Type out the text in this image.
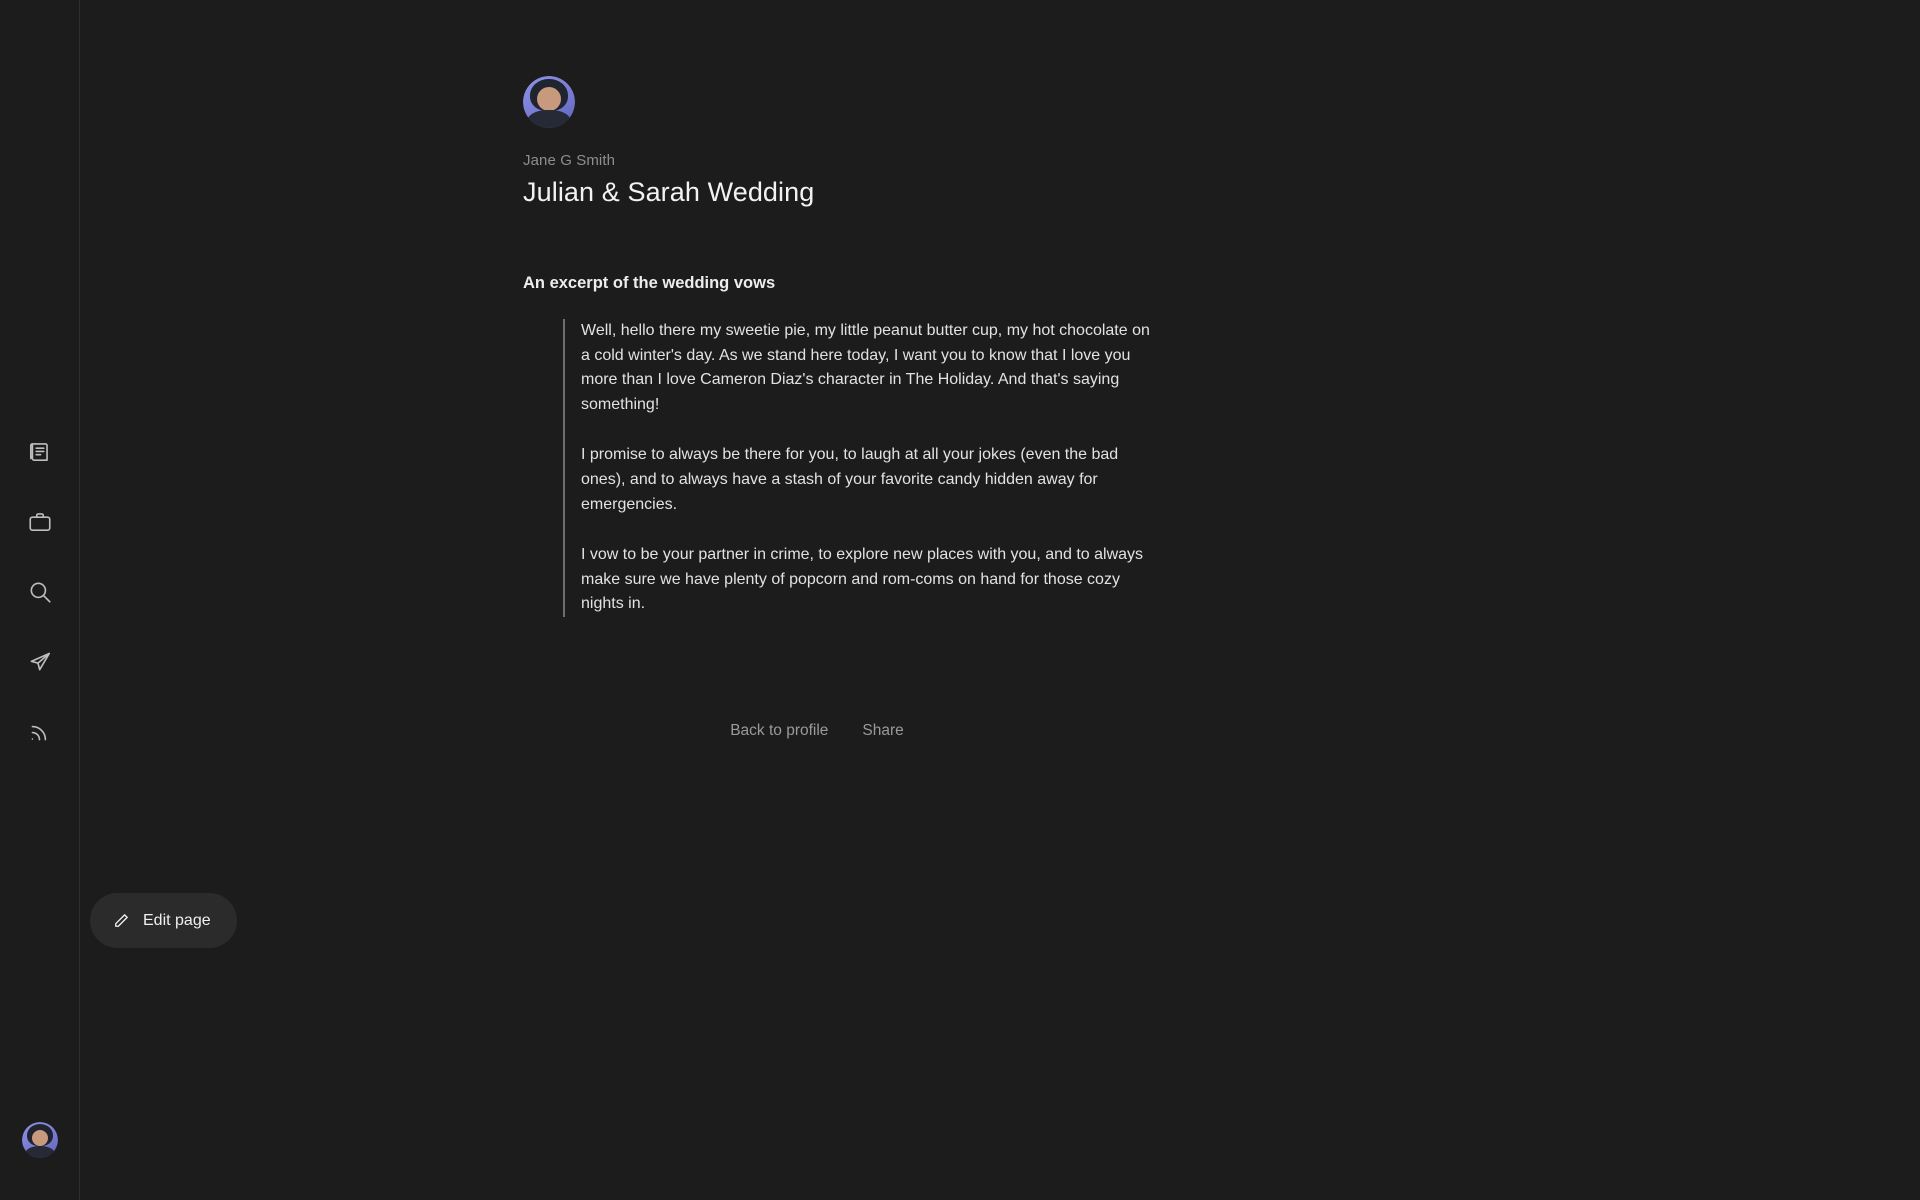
Jane G Smith
Julian & Sarah Wedding
An excerpt of the wedding vows

Well, hello there my sweetie pie, my little peanut butter cup, my hot chocolate on a cold winter's day. As we stand here today, I want you to know that I love you more than I love Cameron Diaz's character in The Holiday. And that's saying something!

I promise to always be there for you, to laugh at all your jokes (even the bad ones), and to always have a stash of your favorite candy hidden away for emergencies.

I vow to be your partner in crime, to explore new places with you, and to always make sure we have plenty of popcorn and rom-coms on hand for those cozy nights in.

Back to profile Share
Edit page
